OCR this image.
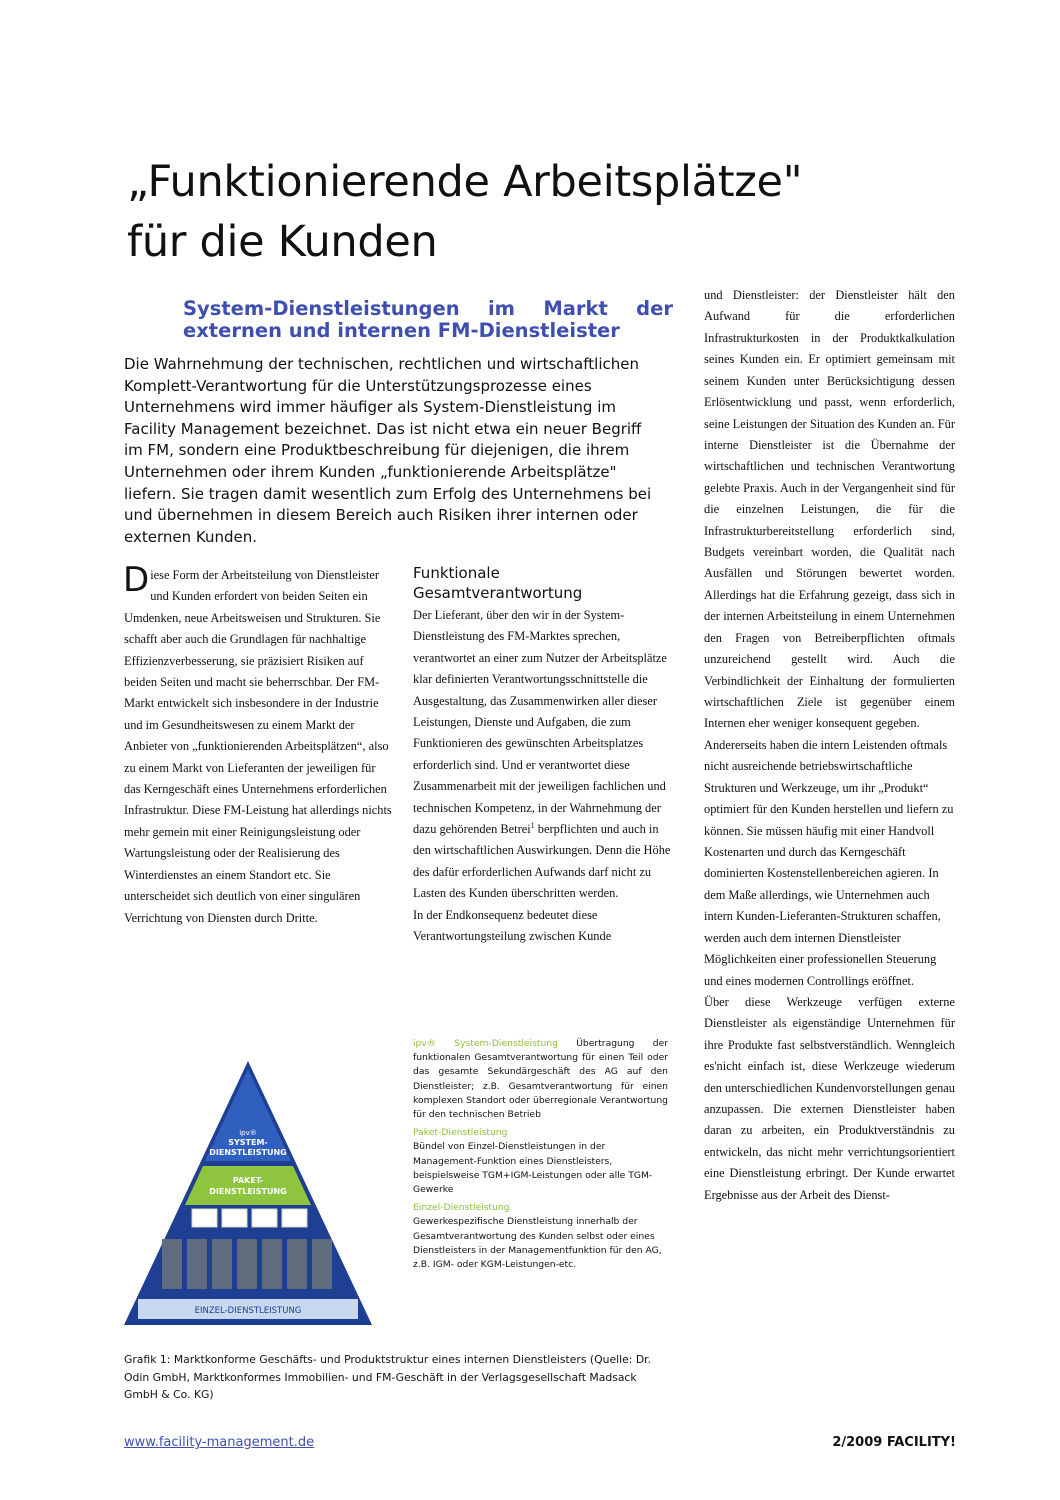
„Funktionierende Arbeitsplätze"
für die Kunden
System-Dienstleistungen im Markt der externen und internen FM-Dienstleister

Die Wahrnehmung der technischen, rechtlichen und wirtschaftlichen Komplett-Verantwortung für die Unterstützungsprozesse eines Unternehmens wird immer häufiger als System-Dienstleistung im Facility Management bezeichnet. Das ist nicht etwa ein neuer Begriff im FM, sondern eine Produktbeschreibung für diejenigen, die ihrem Unternehmen oder ihrem Kunden „funktionierende Arbeitsplätze" liefern. Sie tragen damit wesentlich zum Erfolg des Unternehmens bei und übernehmen in diesem Bereich auch Risiken ihrer internen oder externen Kunden.

D iese Form der Arbeitsteilung von Dienstleister und Kunden erfordert von beiden Seiten ein Umdenken, neue Arbeitsweisen und Strukturen. Sie schafft aber auch die Grundlagen für nachhaltige Effizienzverbesserung, sie präzisiert Risiken auf beiden Seiten und macht sie beherrschbar. Der FM-Markt entwickelt sich insbesondere in der Industrie und im Gesundheitswesen zu einem Markt der Anbieter von „funktionierenden Arbeitsplätzen“, also zu einem Markt von Lieferanten der jeweiligen für das Kerngeschäft eines Unternehmens erforderlichen Infrastruktur. Diese FM-Leistung hat allerdings nichts mehr gemein mit einer Reinigungsleistung oder Wartungsleistung oder der Realisierung des Winterdienstes an einem Standort etc. Sie unterscheidet sich deutlich von einer singulären Verrichtung von Diensten durch Dritte.

Funktionale Gesamtverantwortung

Der Lieferant, über den wir in der System-Dienstleistung des FM-Marktes sprechen, verantwortet an einer zum Nutzer der Arbeitsplätze klar definierten Verantwortungsschnittstelle die Ausgestaltung, das Zusammenwirken aller dieser Leistungen, Dienste und Aufgaben, die zum Funktionieren des gewünschten Arbeitsplatzes erforderlich sind. Und er verantwortet diese Zusammenarbeit mit der jeweiligen fachlichen und technischen Kompetenz, in der Wahrnehmung der dazu gehörenden Betrei$^1$ berpflichten und auch in den wirtschaftlichen Auswirkungen. Denn die Höhe des dafür erforderlichen Aufwands darf nicht zu Lasten des Kunden überschritten werden.

In der Endkonsequenz bedeutet diese Verantwortungsteilung zwischen Kunde

und Dienstleister: der Dienstleister hält den Aufwand für die erforderlichen Infrastrukturkosten in der Produktkalkulation seines Kunden ein. Er optimiert gemeinsam mit seinem Kunden unter Berücksichtigung dessen Erlösentwicklung und passt, wenn erforderlich, seine Leistungen der Situation des Kunden an. Für interne Dienstleister ist die Übernahme der wirtschaftlichen und technischen Verantwortung gelebte Praxis. Auch in der Vergangenheit sind für die einzelnen Leistungen, die für die Infrastrukturbereitstellung erforderlich sind, Budgets vereinbart worden, die Qualität nach Ausfällen und Störungen bewertet worden. Allerdings hat die Erfahrung gezeigt, dass sich in der internen Arbeitsteilung in einem Unternehmen den Fragen von Betreiberpflichten oftmals unzureichend gestellt wird. Auch die Verbindlichkeit der Einhaltung der formulierten wirtschaftlichen Ziele ist gegenüber einem Internen eher weniger konsequent gegeben.

Andererseits haben die intern Leistenden oftmals nicht ausreichende betriebswirtschaftliche Strukturen und Werkzeuge, um ihr „Produkt“ optimiert für den Kunden herstellen und liefern zu können. Sie müssen häufig mit einer Handvoll Kostenarten und durch das Kerngeschäft dominierten Kostenstellenbereichen agieren. In dem Maße allerdings, wie Unternehmen auch intern Kunden-Lieferanten-Strukturen schaffen, werden auch dem internen Dienstleister Möglichkeiten einer professionellen Steuerung und eines modernen Controllings eröffnet.

Über diese Werkzeuge verfügen externe Dienstleister als eigenständige Unternehmen für ihre Produkte fast selbstverständlich. Wenngleich es'nicht einfach ist, diese Werkzeuge wiederum den unterschiedlichen Kundenvorstellungen genau anzupassen. Die externen Dienstleister haben daran zu arbeiten, ein Produktverständnis zu entwickeln, das nicht mehr verrichtungsorientiert eine Dienstleistung erbringt. Der Kunde erwartet Ergebnisse aus der Arbeit des Dienst-

ipv® System-Dienstleistung Übertragung der funktionalen Gesamtverantwortung für einen Teil oder das gesamte Sekundärgeschäft des AG auf den Dienstleister; z.B. Gesamtverantwortung für einen komplexen Standort oder überregionale Verantwortung für den technischen Betrieb

Paket-Dienstleistung
Bündel von Einzel-Dienstleistungen in der Management-Funktion eines Dienstleisters, beispielsweise TGM+IGM-Leistungen oder alle TGM-Gewerke

Einzel-Dienstleistung
Gewerkespezifische Dienstleistung innerhalb der Gesamtverantwortung des Kunden selbst oder eines Dienstleisters in der Managementfunktion für den AG, z.B. IGM- oder KGM-Leistungen-etc.

ipv®
SYSTEM-
DIENSTLEISTUNG
PAKET-
DIENSTLEISTUNG
EINZEL-DIENSTLEISTUNG

Grafik 1: Marktkonforme Geschäfts- und Produktstruktur eines internen Dienstleisters (Quelle: Dr. Odin GmbH, Marktkonformes Immobilien- und FM-Geschäft in der Verlagsgesellschaft Madsack GmbH & Co. KG)

www.facility-management.de	2/2009 FACILITY!
